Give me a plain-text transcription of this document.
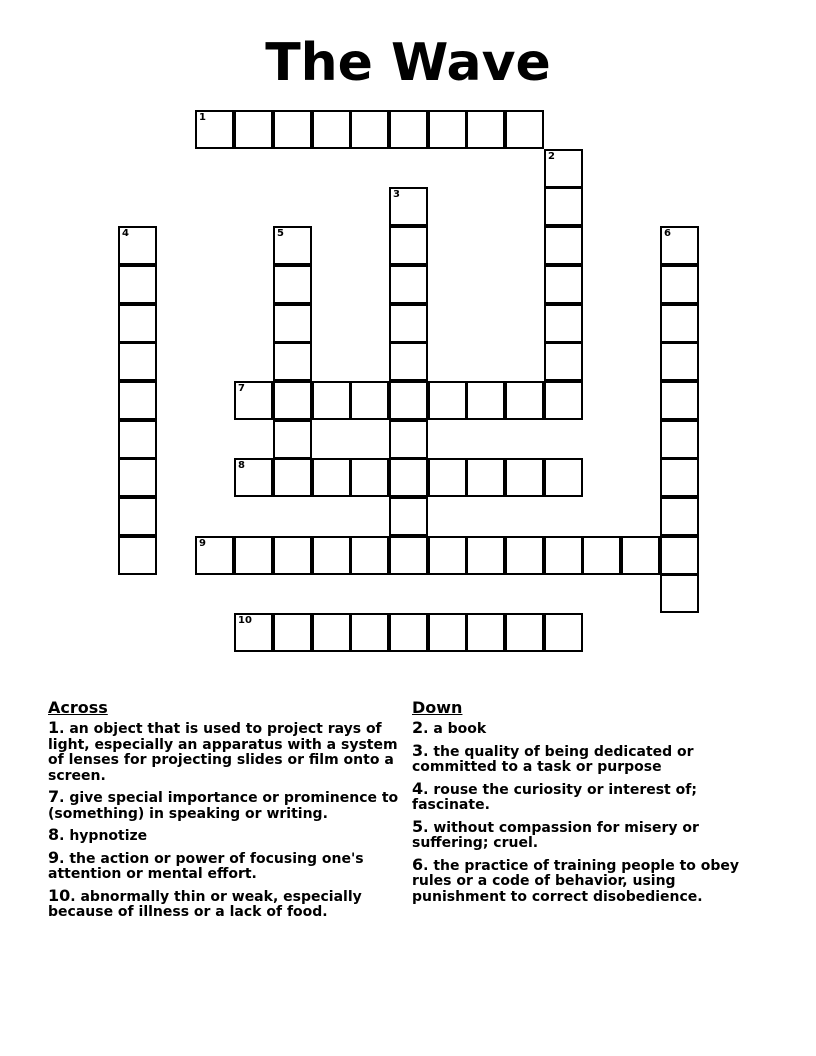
The Wave
1
2
3
4	5	6
7
8
9
10
Across
1. an object that is used to project rays of light, especially an apparatus with a system of lenses for projecting slides or film onto a screen.
7. give special importance or prominence to (something) in speaking or writing.
8. hypnotize
9. the action or power of focusing one's attention or mental effort.
10. abnormally thin or weak, especially because of illness or a lack of food.
Down
2. a book
3. the quality of being dedicated or committed to a task or purpose
4. rouse the curiosity or interest of; fascinate.
5. without compassion for misery or suffering; cruel.
6. the practice of training people to obey rules or a code of behavior, using punishment to correct disobedience.
